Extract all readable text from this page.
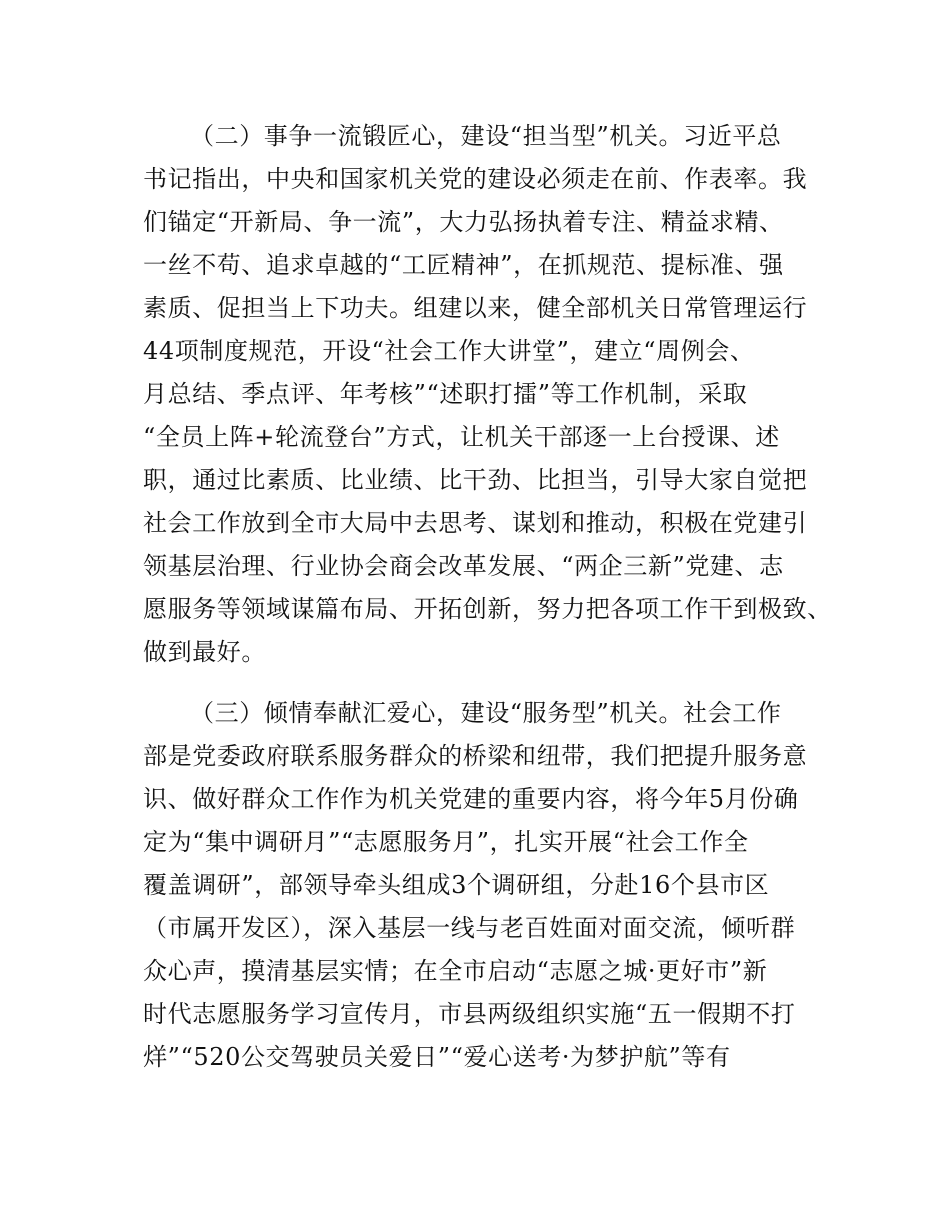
（二）事争一流锻匠心，建设“担当型”机关。习近平总
书记指出，中央和国家机关党的建设必须走在前、作表率。我
们锚定“开新局、争一流”，大力弘扬执着专注、精益求精、
一丝不苟、追求卓越的“工匠精神”，在抓规范、提标准、强
素质、促担当上下功夫。组建以来，健全部机关日常管理运行
44项制度规范，开设“社会工作大讲堂”，建立“周例会、
月总结、季点评、年考核”“述职打擂”等工作机制，采取
“全员上阵+轮流登台”方式，让机关干部逐一上台授课、述
职，通过比素质、比业绩、比干劲、比担当，引导大家自觉把
社会工作放到全市大局中去思考、谋划和推动，积极在党建引
领基层治理、行业协会商会改革发展、“两企三新”党建、志
愿服务等领域谋篇布局、开拓创新，努力把各项工作干到极致、
做到最好。
（三）倾情奉献汇爱心，建设“服务型”机关。社会工作
部是党委政府联系服务群众的桥梁和纽带，我们把提升服务意
识、做好群众工作作为机关党建的重要内容，将今年5月份确
定为“集中调研月”“志愿服务月”，扎实开展“社会工作全
覆盖调研”，部领导牵头组成3个调研组，分赴16个县市区
（市属开发区），深入基层一线与老百姓面对面交流，倾听群
众心声，摸清基层实情；在全市启动“志愿之城·更好市”新
时代志愿服务学习宣传月，市县两级组织实施“五一假期不打
烊”“520公交驾驶员关爱日”“爱心送考·为梦护航”等有
